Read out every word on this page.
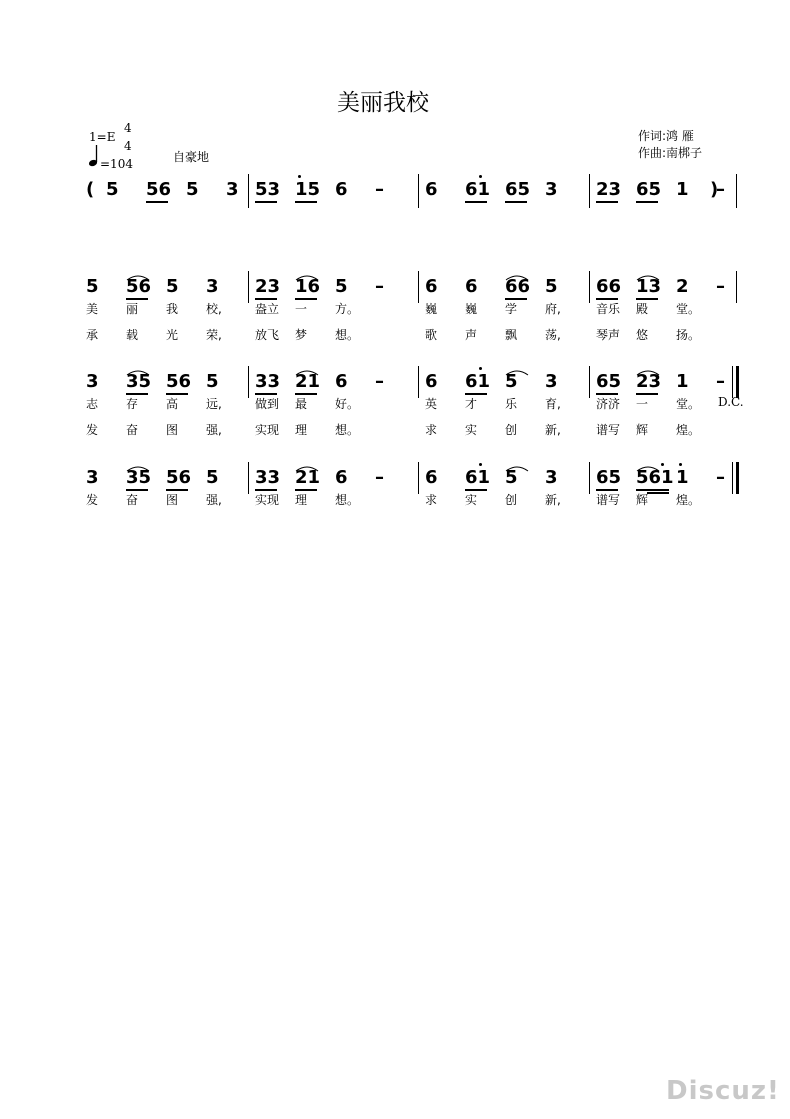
美丽我校
1=E
4
4
=104	自豪地
作词:鸿 雁
作曲:南梆子
( 5 56 5 3 53 15 6 – 6 61 65 3 23 65 1 –
)
5 56 5 3 23 16 5 – 6 6 66 5 66 13 2 –
美 丽 我 校,	盎立 一 方。	巍 巍 学 府,	音乐 殿 堂。
承 载 光 荣,	放飞 梦 想。	歌 声 飘 荡,	琴声 悠 扬。
3 35 56 5 33 21 6 – 6 61 5 3 65 23 1 –
D.C.
志 存 高 远,	做到 最 好。	英 才 乐 育,	济济 一 堂。
发 奋 图 强,	实现 理 想。	求 实 创 新,	谱写 辉 煌。
3 35 56 5 33 21 6 – 6 61 5 3 65 561 1 –
发 奋 图 强,	实现 理 想。	求 实 创 新,	谱写 辉 煌。
Discuz!
